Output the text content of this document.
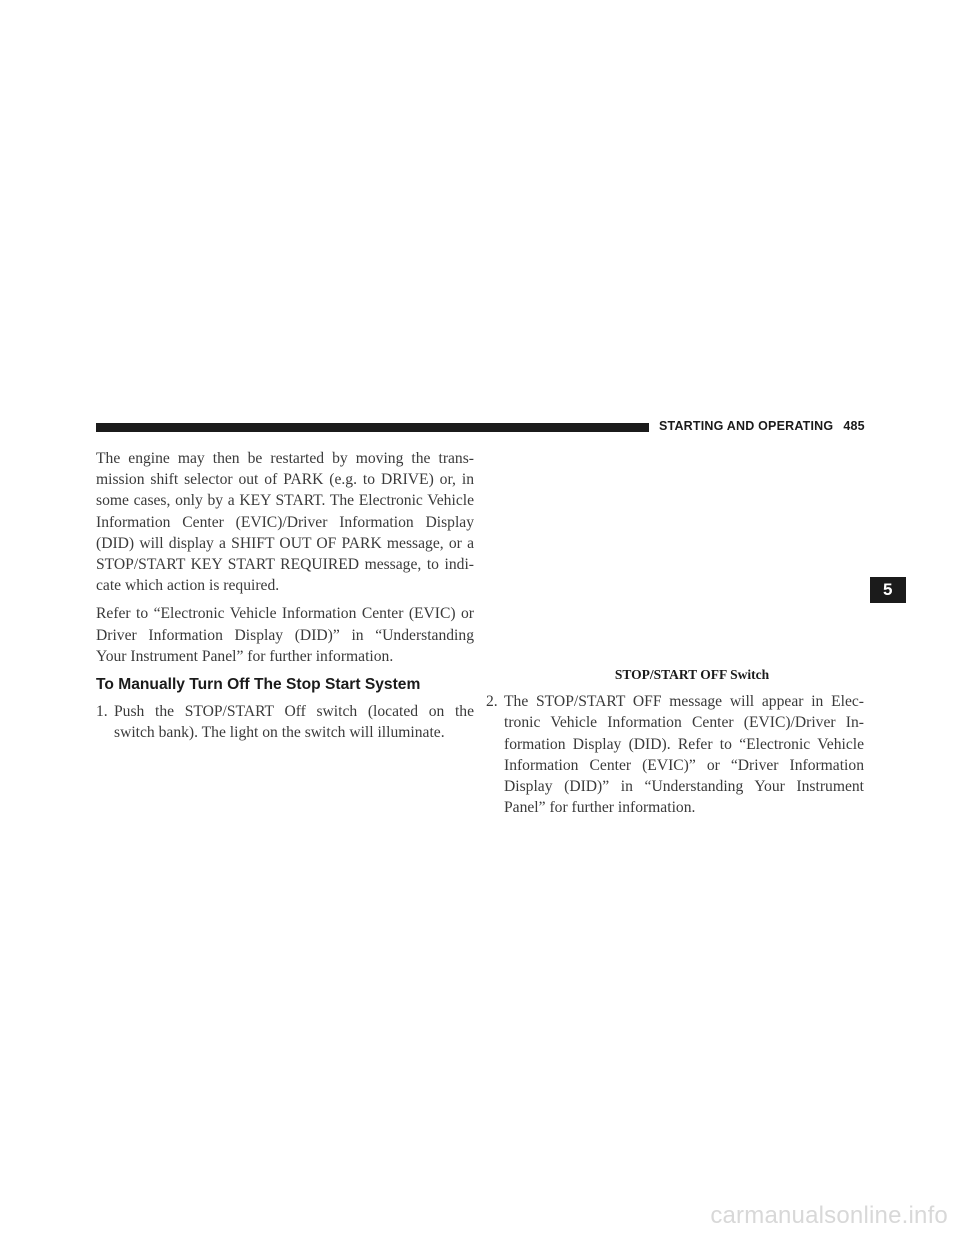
STARTING AND OPERATING 485
5

The engine may then be restarted by moving the trans-
mission shift selector out of PARK (e.g. to DRIVE) or, in
some cases, only by a KEY START. The Electronic Vehicle
Information Center (EVIC)/Driver Information Display
(DID) will display a SHIFT OUT OF PARK message, or a
STOP/START KEY START REQUIRED message, to indi-
cate which action is required.

Refer to “Electronic Vehicle Information Center (EVIC) or
Driver Information Display (DID)” in “Understanding
Your Instrument Panel” for further information.

To Manually Turn Off The Stop Start System
1. Push the STOP/START Off switch (located on the
switch bank). The light on the switch will illuminate.
STOP/START OFF Switch
2. The STOP/START OFF message will appear in Elec-
tronic Vehicle Information Center (EVIC)/Driver In-
formation Display (DID). Refer to “Electronic Vehicle
Information Center (EVIC)” or “Driver Information
Display (DID)” in “Understanding Your Instrument
Panel” for further information.
carmanualsonline.info
